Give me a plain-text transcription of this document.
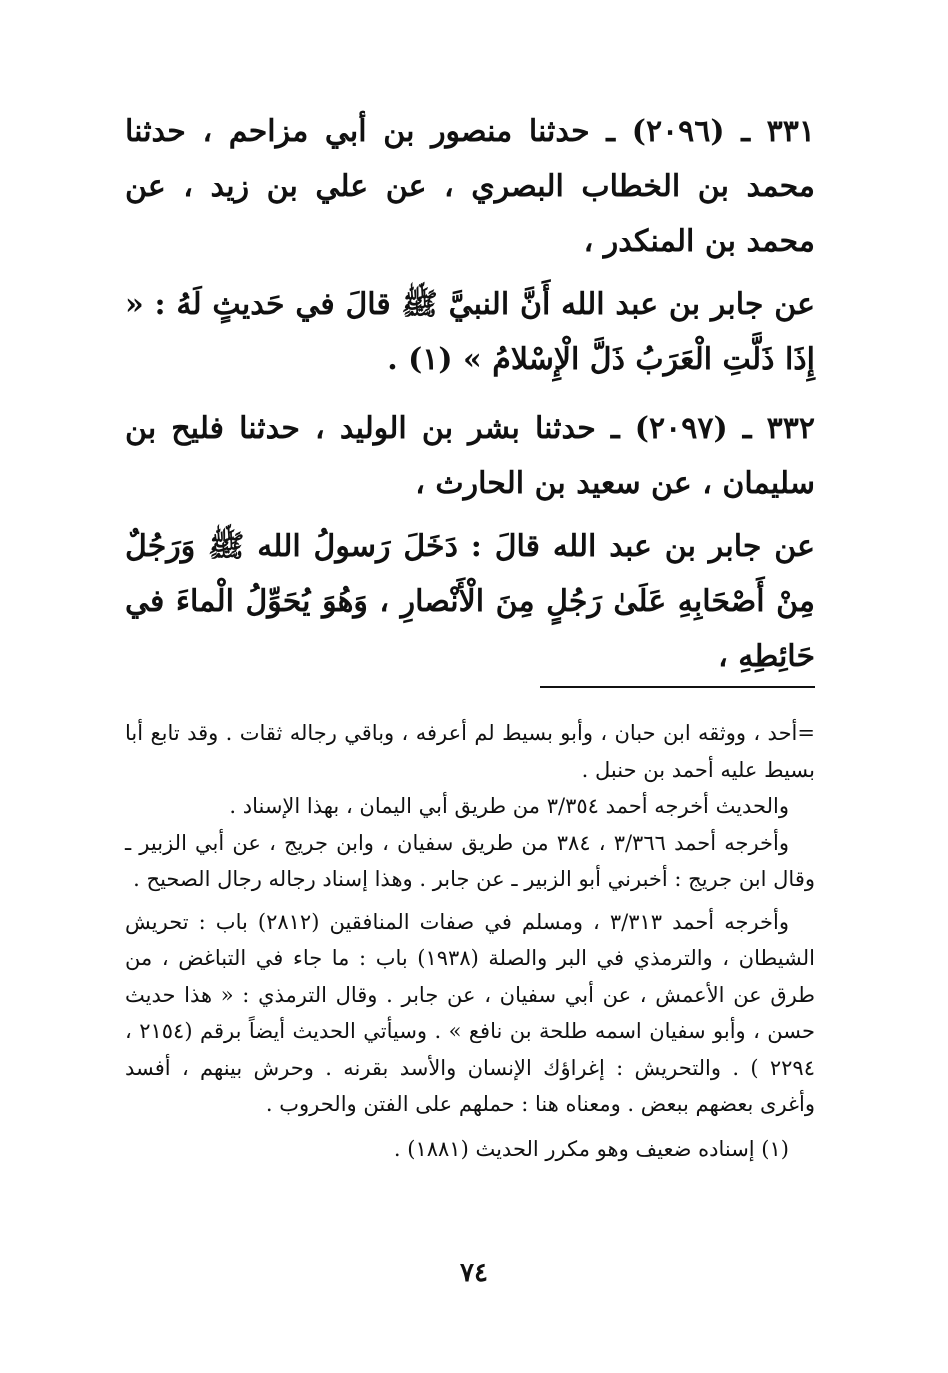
٣٣١ ـ (٢٠٩٦) ـ حدثنا منصور بن أبي مزاحم ، حدثنا محمد بن الخطاب البصري ، عن علي بن زيد ، عن محمد بن المنكدر ،

عن جابر بن عبد الله أَنَّ النبيَّ ﷺ قالَ في حَديثٍ لَهُ : « إِذَا ذَلَّتِ الْعَرَبُ ذَلَّ الْإِسْلامُ » (١) .

٣٣٢ ـ (٢٠٩٧) ـ حدثنا بشر بن الوليد ، حدثنا فليح بن سليمان ، عن سعيد بن الحارث ،

عن جابر بن عبد الله قالَ : دَخَلَ رَسولُ الله ﷺ وَرَجُلٌ مِنْ أَصْحَابِهِ عَلَىٰ رَجُلٍ مِنَ الْأَنْصارِ ، وَهُوَ يُحَوِّلُ الْماءَ في حَائِطِهِ ،

=أحد ، ووثقه ابن حبان ، وأبو بسيط لم أعرفه ، وباقي رجاله ثقات . وقد تابع أبا بسيط عليه أحمد بن حنبل .

والحديث أخرجه أحمد ٣/٣٥٤ من طريق أبي اليمان ، بهذا الإسناد .

وأخرجه أحمد ٣/٣٦٦ ، ٣٨٤ من طريق سفيان ، وابن جريج ، عن أبي الزبير ـ وقال ابن جريج : أخبرني أبو الزبير ـ عن جابر . وهذا إسناد رجاله رجال الصحيح .

وأخرجه أحمد ٣/٣١٣ ، ومسلم في صفات المنافقين (٢٨١٢) باب : تحريش الشيطان ، والترمذي في البر والصلة (١٩٣٨) باب : ما جاء في التباغض ، من طرق عن الأعمش ، عن أبي سفيان ، عن جابر . وقال الترمذي : « هذا حديث حسن ، وأبو سفيان اسمه طلحة بن نافع » . وسيأتي الحديث أيضاً برقم (٢١٥٤ ، ٢٢٩٤ ) . والتحريش : إغراؤك الإنسان والأسد بقرنه . وحرش بينهم ، أفسد وأغرى بعضهم ببعض . ومعناه هنا : حملهم على الفتن والحروب .

(١) إسناده ضعيف وهو مكرر الحديث (١٨٨١) .

٧٤
